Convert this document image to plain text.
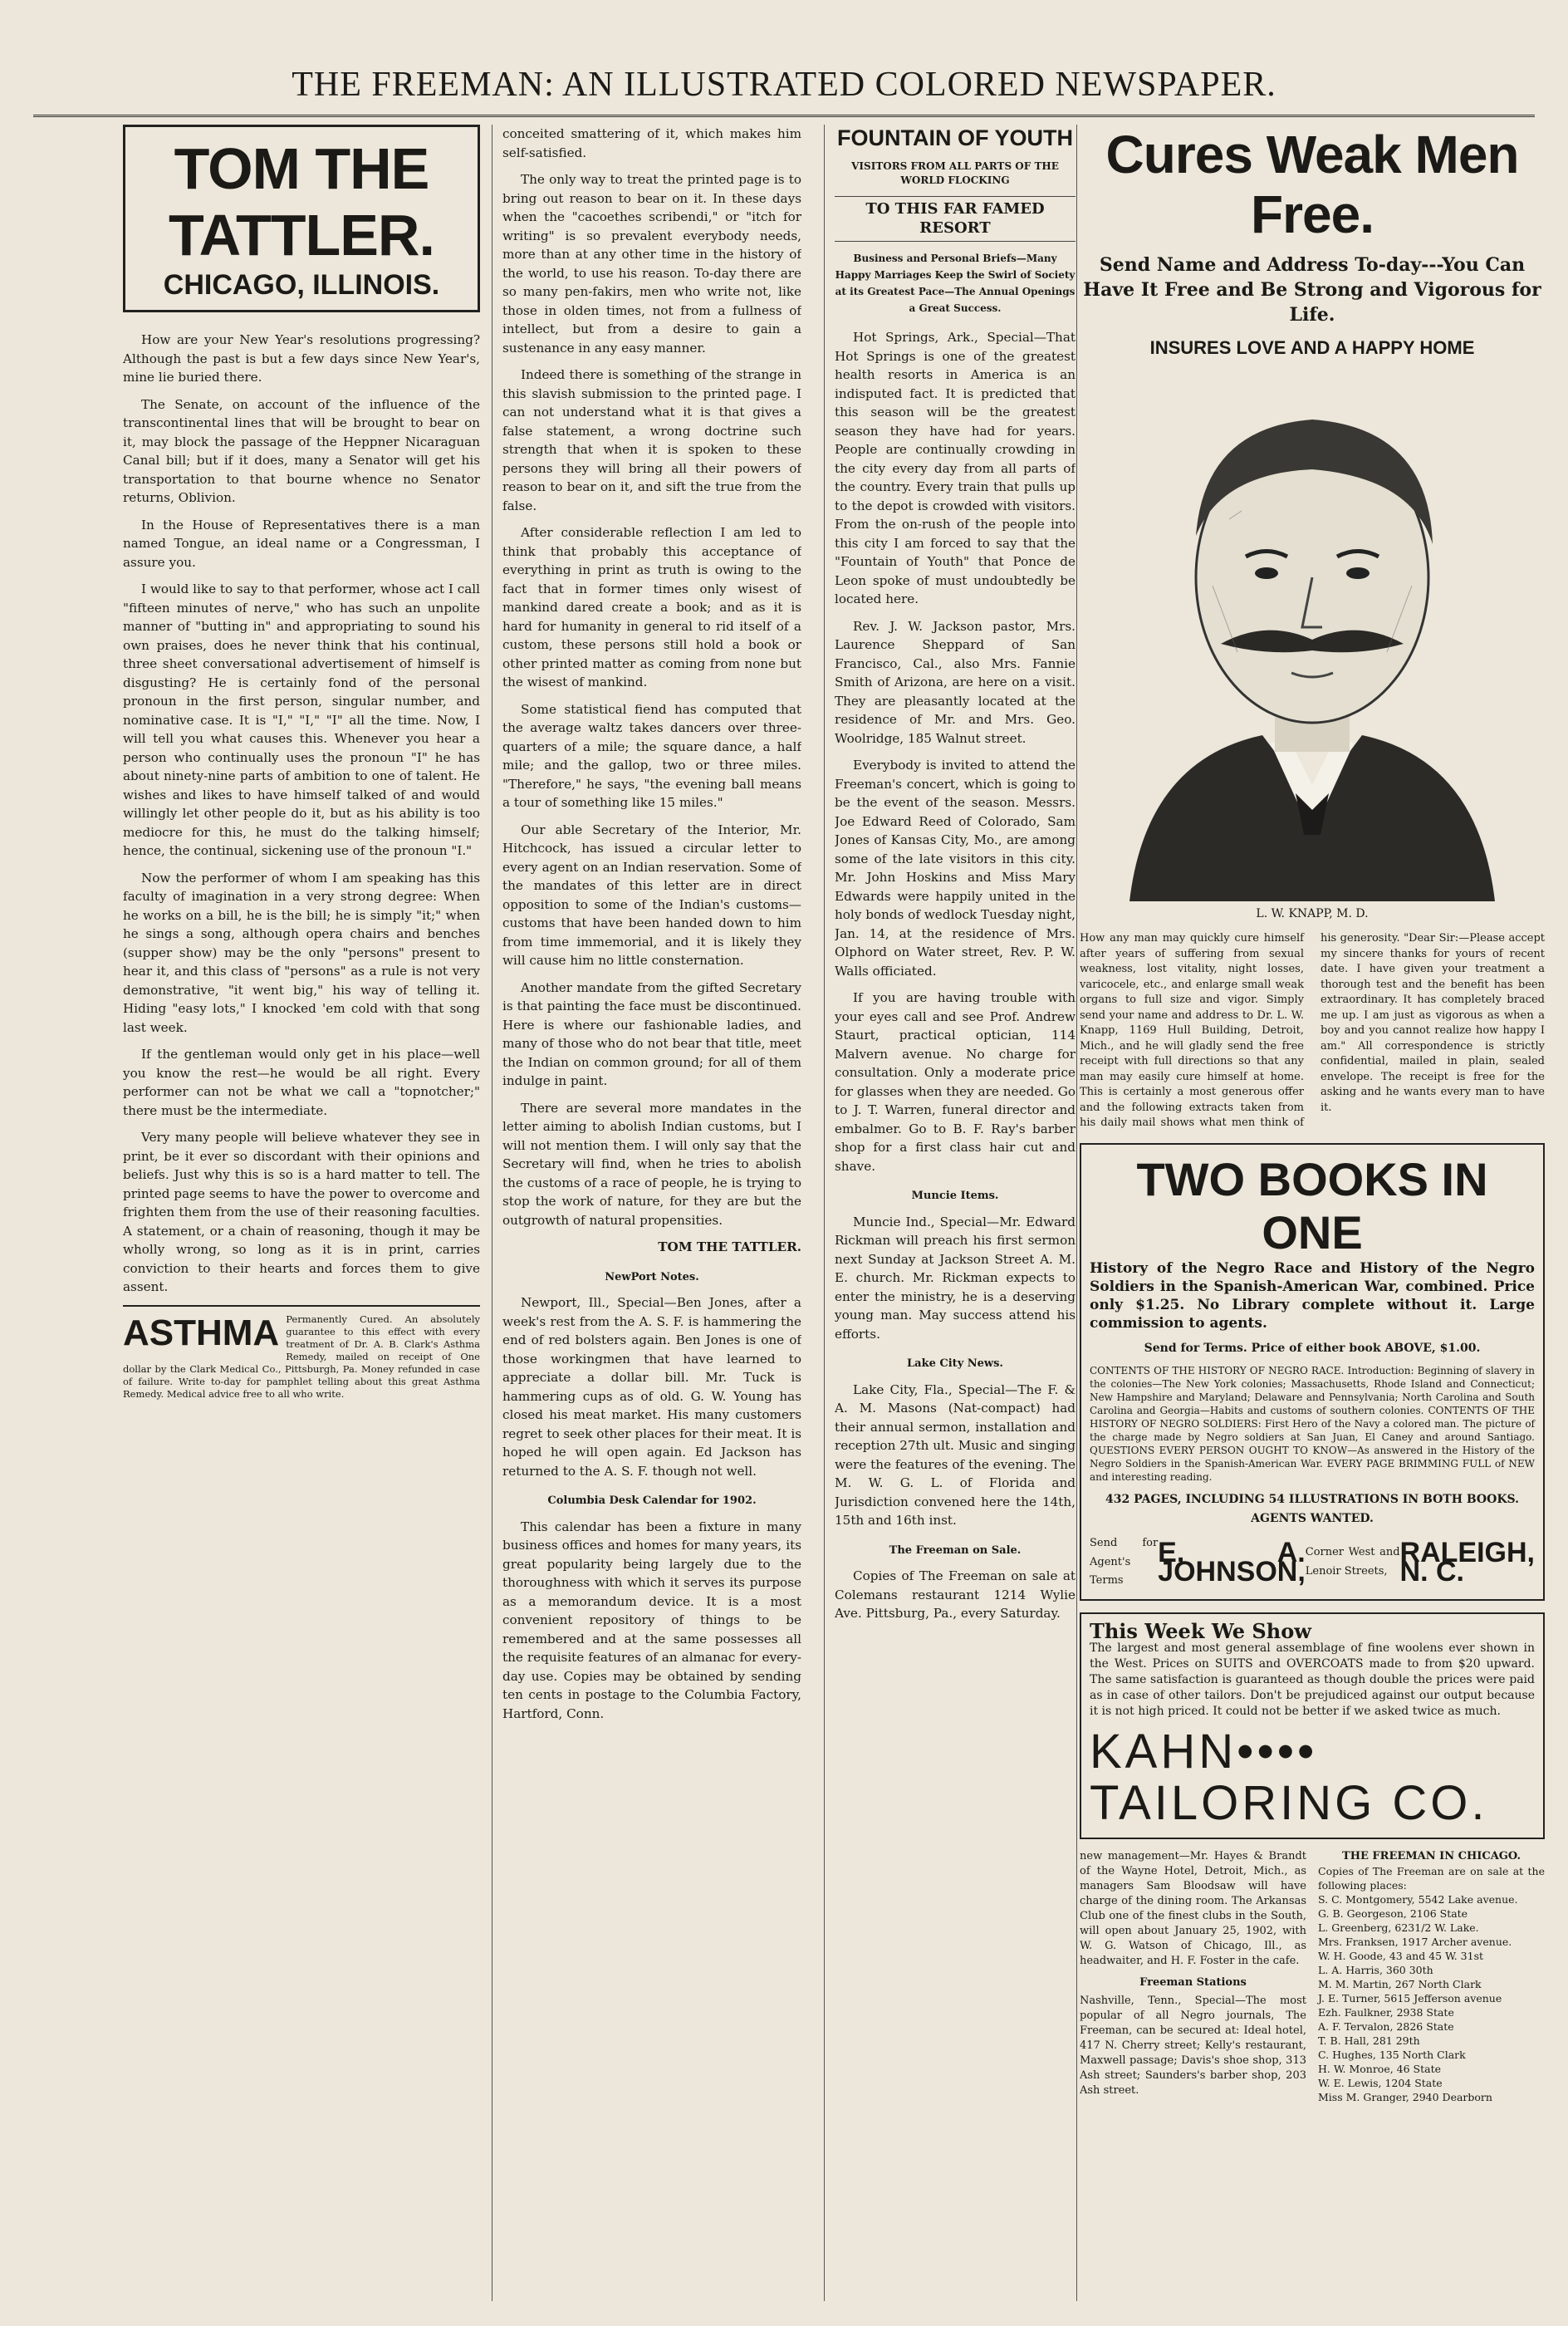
THE FREEMAN: AN ILLUSTRATED COLORED NEWSPAPER.
TOM THE TATTLER.
CHICAGO, ILLINOIS.

How are your New Year's resolutions progressing? Although the past is but a few days since New Year's, mine lie buried there.

The Senate, on account of the influence of the transcontinental lines that will be brought to bear on it, may block the passage of the Heppner Nicaraguan Canal bill; but if it does, many a Senator will get his transportation to that bourne whence no Senator returns, Oblivion.

In the House of Representatives there is a man named Tongue, an ideal name or a Congressman, I assure you.

I would like to say to that performer, whose act I call "fifteen minutes of nerve," who has such an unpolite manner of "butting in" and appropriating to sound his own praises, does he never think that his continual, three sheet conversational advertisement of himself is disgusting? He is certainly fond of the personal pronoun in the first person, singular number, and nominative case. It is "I," "I," "I" all the time. Now, I will tell you what causes this. Whenever you hear a person who continually uses the pronoun "I" he has about ninety-nine parts of ambition to one of talent. He wishes and likes to have himself talked of and would willingly let other people do it, but as his ability is too mediocre for this, he must do the talking himself; hence, the continual, sickening use of the pronoun "I."

Now the performer of whom I am speaking has this faculty of imagination in a very strong degree: When he works on a bill, he is the bill; he is simply "it;" when he sings a song, although opera chairs and benches (supper show) may be the only "persons" present to hear it, and this class of "persons" as a rule is not very demonstrative, "it went big," his way of telling it. Hiding "easy lots," I knocked 'em cold with that song last week.

If the gentleman would only get in his place—well you know the rest—he would be all right. Every performer can not be what we call a "topnotcher;" there must be the intermediate.

Very many people will believe whatever they see in print, be it ever so discordant with their opinions and beliefs. Just why this is so is a hard matter to tell. The printed page seems to have the power to overcome and frighten them from the use of their reasoning faculties. A statement, or a chain of reasoning, though it may be wholly wrong, so long as it is in print, carries conviction to their hearts and forces them to give assent.

ASTHMA Permanently Cured. An absolutely guarantee to this effect with every treatment of Dr. A. B. Clark's Asthma Remedy, mailed on receipt of One dollar by the Clark Medical Co., Pittsburgh, Pa. Money refunded in case of failure. Write to-day for pamphlet telling about this great Asthma Remedy. Medical advice free to all who write.

conceited smattering of it, which makes him self-satisfied.

The only way to treat the printed page is to bring out reason to bear on it. In these days when the "cacoethes scribendi," or "itch for writing" is so prevalent everybody needs, more than at any other time in the history of the world, to use his reason. To-day there are so many pen-fakirs, men who write not, like those in olden times, not from a fullness of intellect, but from a desire to gain a sustenance in any easy manner.

Indeed there is something of the strange in this slavish submission to the printed page. I can not understand what it is that gives a false statement, a wrong doctrine such strength that when it is spoken to these persons they will bring all their powers of reason to bear on it, and sift the true from the false.

After considerable reflection I am led to think that probably this acceptance of everything in print as truth is owing to the fact that in former times only wisest of mankind dared create a book; and as it is hard for humanity in general to rid itself of a custom, these persons still hold a book or other printed matter as coming from none but the wisest of mankind.

Some statistical fiend has computed that the average waltz takes dancers over three-quarters of a mile; the square dance, a half mile; and the gallop, two or three miles. "Therefore," he says, "the evening ball means a tour of something like 15 miles."

Our able Secretary of the Interior, Mr. Hitchcock, has issued a circular letter to every agent on an Indian reservation. Some of the mandates of this letter are in direct opposition to some of the Indian's customs—customs that have been handed down to him from time immemorial, and it is likely they will cause him no little consternation.

Another mandate from the gifted Secretary is that painting the face must be discontinued. Here is where our fashionable ladies, and many of those who do not bear that title, meet the Indian on common ground; for all of them indulge in paint.

There are several more mandates in the letter aiming to abolish Indian customs, but I will not mention them. I will only say that the Secretary will find, when he tries to abolish the customs of a race of people, he is trying to stop the work of nature, for they are but the outgrowth of natural propensities.

TOM THE TATTLER.
NewPort Notes.

Newport, Ill., Special—Ben Jones, after a week's rest from the A. S. F. is hammering the end of red bolsters again. Ben Jones is one of those workingmen that have learned to appreciate a dollar bill. Mr. Tuck is hammering cups as of old. G. W. Young has closed his meat market. His many customers regret to seek other places for their meat. It is hoped he will open again. Ed Jackson has returned to the A. S. F. though not well.

Columbia Desk Calendar for 1902.

This calendar has been a fixture in many business offices and homes for many years, its great popularity being largely due to the thoroughness with which it serves its purpose as a memorandum device. It is a most convenient repository of things to be remembered and at the same possesses all the requisite features of an almanac for every-day use. Copies may be obtained by sending ten cents in postage to the Columbia Factory, Hartford, Conn.

FOUNTAIN OF YOUTH
VISITORS FROM ALL PARTS OF THE WORLD FLOCKING
TO THIS FAR FAMED RESORT
Business and Personal Briefs—Many Happy Marriages Keep the Swirl of Society at its Greatest Pace—The Annual Openings a Great Success.

Hot Springs, Ark., Special—That Hot Springs is one of the greatest health resorts in America is an indisputed fact. It is predicted that this season will be the greatest season they have had for years. People are continually crowding in the city every day from all parts of the country. Every train that pulls up to the depot is crowded with visitors. From the on-rush of the people into this city I am forced to say that the "Fountain of Youth" that Ponce de Leon spoke of must undoubtedly be located here.

Rev. J. W. Jackson pastor, Mrs. Laurence Sheppard of San Francisco, Cal., also Mrs. Fannie Smith of Arizona, are here on a visit. They are pleasantly located at the residence of Mr. and Mrs. Geo. Woolridge, 185 Walnut street.

Everybody is invited to attend the Freeman's concert, which is going to be the event of the season. Messrs. Joe Edward Reed of Colorado, Sam Jones of Kansas City, Mo., are among some of the late visitors in this city. Mr. John Hoskins and Miss Mary Edwards were happily united in the holy bonds of wedlock Tuesday night, Jan. 14, at the residence of Mrs. Olphord on Water street, Rev. P. W. Walls officiated.

If you are having trouble with your eyes call and see Prof. Andrew Staurt, practical optician, 114 Malvern avenue. No charge for consultation. Only a moderate price for glasses when they are needed. Go to J. T. Warren, funeral director and embalmer. Go to B. F. Ray's barber shop for a first class hair cut and shave.

Muncie Items.

Muncie Ind., Special—Mr. Edward Rickman will preach his first sermon next Sunday at Jackson Street A. M. E. church. Mr. Rickman expects to enter the ministry, he is a deserving young man. May success attend his efforts.

Lake City News.

Lake City, Fla., Special—The F. & A. M. Masons (Nat-compact) had their annual sermon, installation and reception 27th ult. Music and singing were the features of the evening. The M. W. G. L. of Florida and Jurisdiction convened here the 14th, 15th and 16th inst.

The Freeman on Sale.

Copies of The Freeman on sale at Colemans restaurant 1214 Wylie Ave. Pittsburg, Pa., every Saturday.

Cures Weak Men Free.
Send Name and Address To-day---You Can Have It Free and Be Strong and Vigorous for Life.
INSURES LOVE AND A HAPPY HOME
L. W. KNAPP, M. D.
How any man may quickly cure himself after years of suffering from sexual weakness, lost vitality, night losses, varicocele, etc., and enlarge small weak organs to full size and vigor. Simply send your name and address to Dr. L. W. Knapp, 1169 Hull Building, Detroit, Mich., and he will gladly send the free receipt with full directions so that any man may easily cure himself at home. This is certainly a most generous offer and the following extracts taken from his daily mail shows what men think of his generosity. "Dear Sir:—Please accept my sincere thanks for yours of recent date. I have given your treatment a thorough test and the benefit has been extraordinary. It has completely braced me up. I am just as vigorous as when a boy and you cannot realize how happy I am." All correspondence is strictly confidential, mailed in plain, sealed envelope. The receipt is free for the asking and he wants every man to have it.
TWO BOOKS IN ONE
History of the Negro Race and History of the Negro Soldiers in the Spanish-American War, combined. Price only $1.25. No Library complete without it. Large commission to agents.
Send for Terms. Price of either book ABOVE, $1.00.
CONTENTS OF THE HISTORY OF NEGRO RACE. Introduction: Beginning of slavery in the colonies—The New York colonies; Massachusetts, Rhode Island and Connecticut; New Hampshire and Maryland; Delaware and Pennsylvania; North Carolina and South Carolina and Georgia—Habits and customs of southern colonies. CONTENTS OF THE HISTORY OF NEGRO SOLDIERS: First Hero of the Navy a colored man. The picture of the charge made by Negro soldiers at San Juan, El Caney and around Santiago. QUESTIONS EVERY PERSON OUGHT TO KNOW—As answered in the History of the Negro Soldiers in the Spanish-American War. EVERY PAGE BRIMMING FULL of NEW and interesting reading.
432 PAGES, INCLUDING 54 ILLUSTRATIONS IN BOTH BOOKS. AGENTS WANTED.
Send for Agent's Terms
E. A. JOHNSON,
Corner West and Lenoir Streets,
RALEIGH, N. C.
This Week We Show
The largest and most general assemblage of fine woolens ever shown in the West. Prices on SUITS and OVERCOATS made to from $20 upward. The same satisfaction is guaranteed as though double the prices were paid as in case of other tailors. Don't be prejudiced against our output because it is not high priced. It could not be better if we asked twice as much.
KAHN••••
TAILORING CO.

new management—Mr. Hayes & Brandt of the Wayne Hotel, Detroit, Mich., as managers Sam Bloodsaw will have charge of the dining room. The Arkansas Club one of the finest clubs in the South, will open about January 25, 1902, with W. G. Watson of Chicago, Ill., as headwaiter, and H. F. Foster in the cafe.

Freeman Stations

Nashville, Tenn., Special—The most popular of all Negro journals, The Freeman, can be secured at: Ideal hotel, 417 N. Cherry street; Kelly's restaurant, Maxwell passage; Davis's shoe shop, 313 Ash street; Saunders's barber shop, 203 Ash street.

THE FREEMAN IN CHICAGO.
Copies of The Freeman are on sale at the following places:
S. C. Montgomery, 5542 Lake avenue.
G. B. Georgeson, 2106 State
L. Greenberg, 6231/2 W. Lake.
Mrs. Franksen, 1917 Archer avenue.
W. H. Goode, 43 and 45 W. 31st
L. A. Harris, 360 30th
M. M. Martin, 267 North Clark
J. E. Turner, 5615 Jefferson avenue
Ezh. Faulkner, 2938 State
A. F. Tervalon, 2826 State
T. B. Hall, 281 29th
C. Hughes, 135 North Clark
H. W. Monroe, 46 State
W. E. Lewis, 1204 State
Miss M. Granger, 2940 Dearborn
